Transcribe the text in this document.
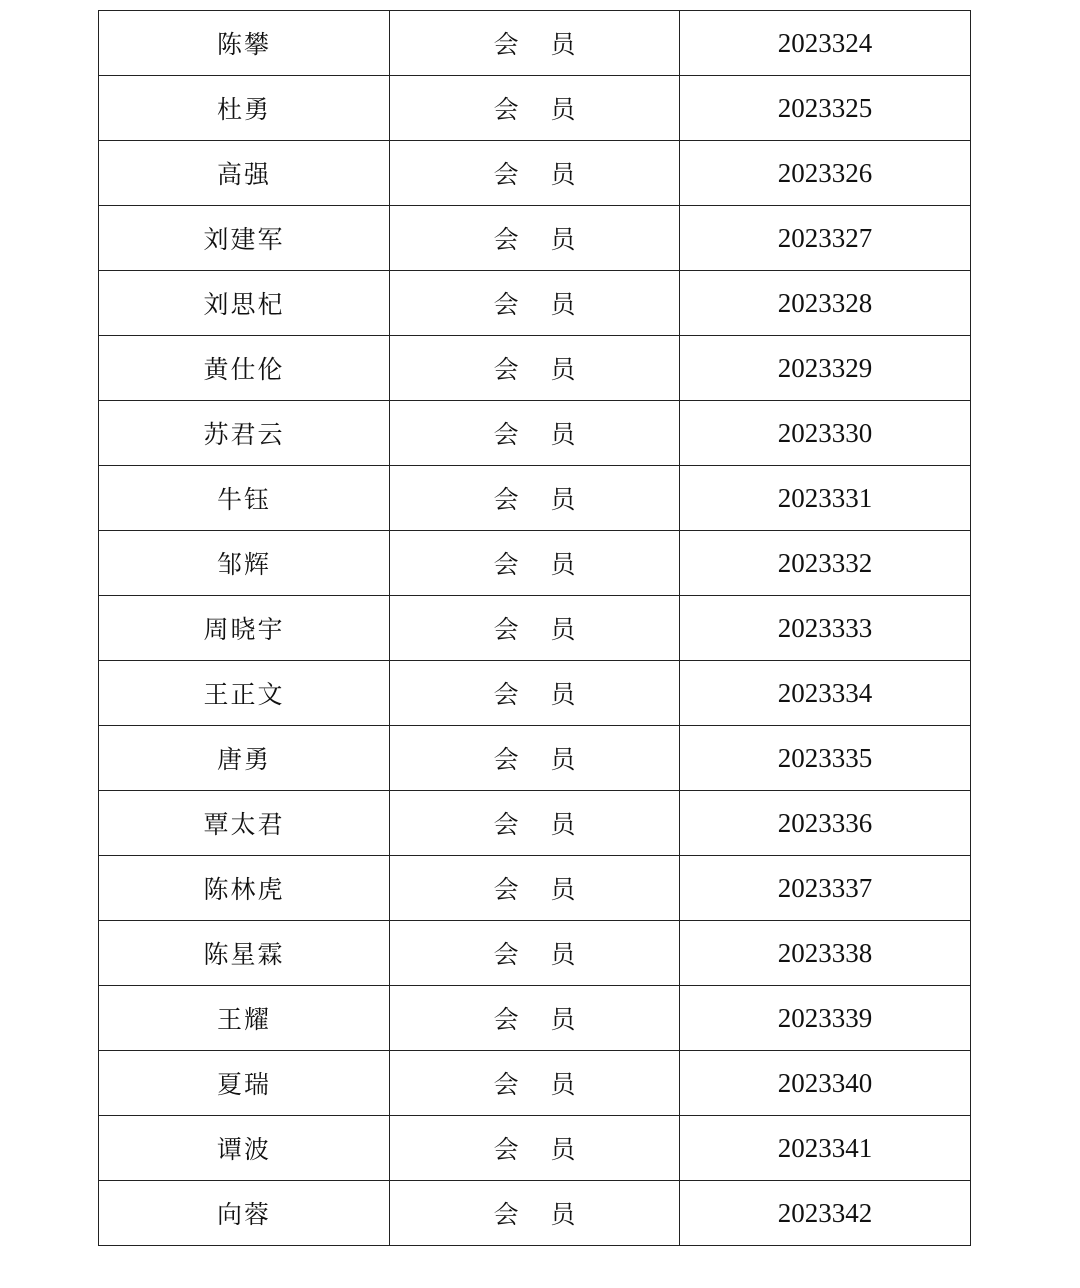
陈攀	会    员	2023324
杜勇	会    员	2023325
高强	会    员	2023326
刘建军	会    员	2023327
刘思杞	会    员	2023328
黄仕伦	会    员	2023329
苏君云	会    员	2023330
牛钰	会    员	2023331
邹辉	会    员	2023332
周晓宇	会    员	2023333
王正文	会    员	2023334
唐勇	会    员	2023335
覃太君	会    员	2023336
陈林虎	会    员	2023337
陈星霖	会    员	2023338
王耀	会    员	2023339
夏瑞	会    员	2023340
谭波	会    员	2023341
向蓉	会    员	2023342
